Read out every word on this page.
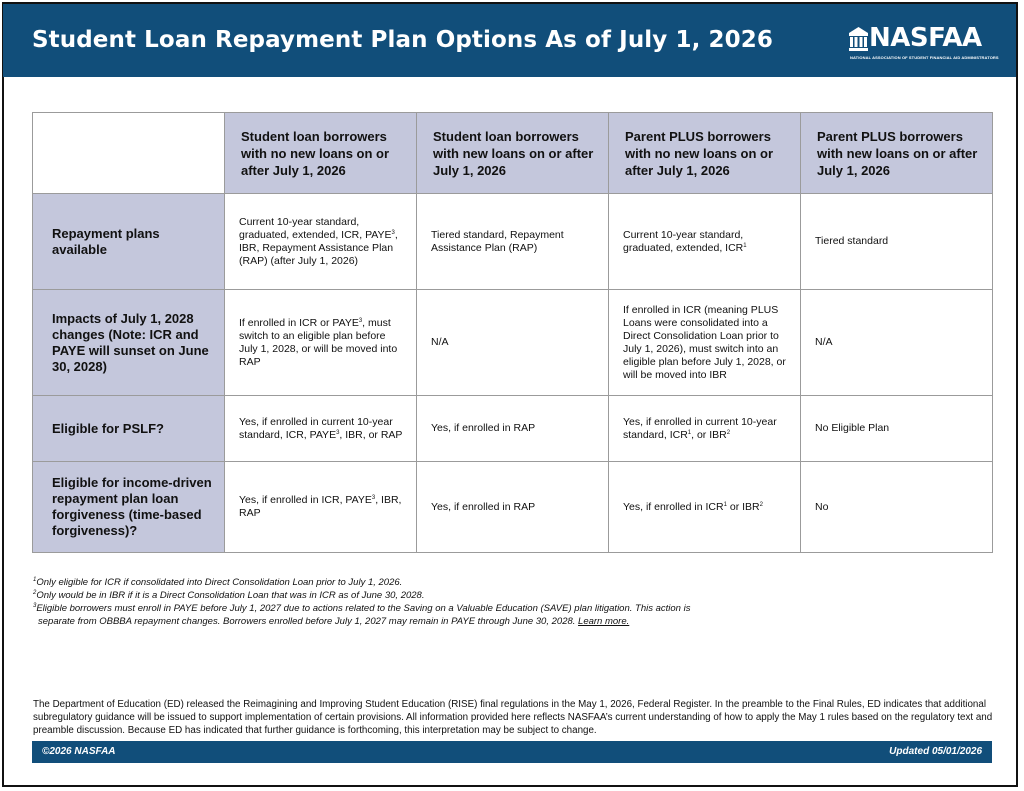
Student Loan Repayment Plan Options As of July 1, 2026	NASFAA
NATIONAL ASSOCIATION OF STUDENT FINANCIAL AID ADMINISTRATORS
	Student loan borrowers with no new loans on or after July 1, 2026	Student loan borrowers with new loans on or after July 1, 2026	Parent PLUS borrowers with no new loans on or after July 1, 2026	Parent PLUS borrowers with new loans on or after July 1, 2026
Repayment plans available	Current 10-year standard, graduated, extended, ICR, PAYE$^3$, IBR, Repayment Assistance Plan (RAP) (after July 1, 2026)	Tiered standard, Repayment Assistance Plan (RAP)	Current 10-year standard, graduated, extended, ICR$^1$	Tiered standard
Impacts of July 1, 2028 changes (Note: ICR and PAYE will sunset on June 30, 2028)	If enrolled in ICR or PAYE$^3$, must switch to an eligible plan before July 1, 2028, or will be moved into RAP	N/A	If enrolled in ICR (meaning PLUS Loans were consolidated into a Direct Consolidation Loan prior to July 1, 2026), must switch into an eligible plan before July 1, 2028, or will be moved into IBR	N/A
Eligible for PSLF?	Yes, if enrolled in current 10-year standard, ICR, PAYE$^3$, IBR, or RAP	Yes, if enrolled in RAP	Yes, if enrolled in current 10-year standard, ICR$^1$, or IBR$^2$	No Eligible Plan
Eligible for income-driven repayment plan loan forgiveness (time-based forgiveness)?	Yes, if enrolled in ICR, PAYE$^3$, IBR, RAP	Yes, if enrolled in RAP	Yes, if enrolled in ICR$^1$ or IBR$^2$	No
$^1$Only eligible for ICR if consolidated into Direct Consolidation Loan prior to July 1, 2026.
$^2$Only would be in IBR if it is a Direct Consolidation Loan that was in ICR as of June 30, 2028.
$^3$Eligible borrowers must enroll in PAYE before July 1, 2027 due to actions related to the Saving on a Valuable Education (SAVE) plan litigation. This action is
separate from OBBBA repayment changes. Borrowers enrolled before July 1, 2027 may remain in PAYE through June 30, 2028. Learn more.
The Department of Education (ED) released the Reimagining and Improving Student Education (RISE) final regulations in the May 1, 2026, Federal Register. In the preamble to the Final Rules, ED indicates that additional subregulatory guidance will be issued to support implementation of certain provisions. All information provided here reflects NASFAA’s current understanding of how to apply the May 1 rules based on the regulatory text and preamble discussion. Because ED has indicated that further guidance is forthcoming, this interpretation may be subject to change.
©2026 NASFAA	Updated 05/01/2026
